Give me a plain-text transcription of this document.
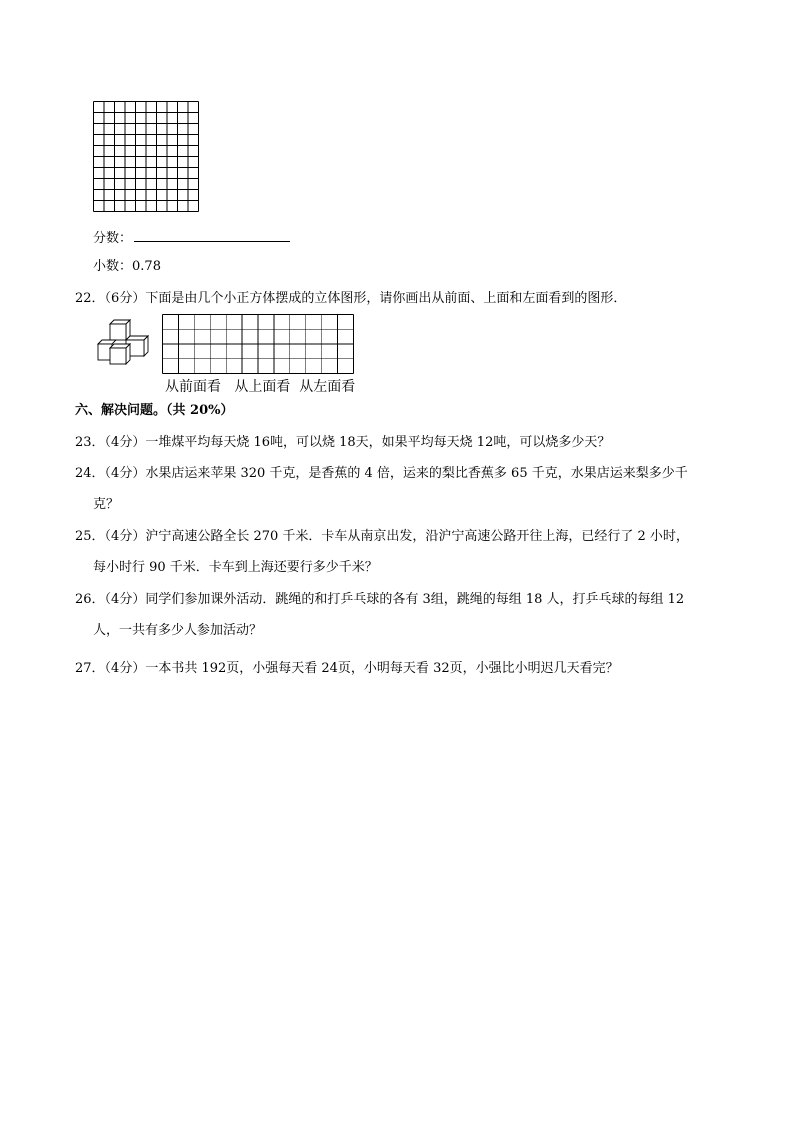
分数：
小数：0.78
22．（6分）下面是由几个小正方体摆成的立体图形，请你画出从前面、上面和左面看到的图形．
从前面看 从上面看 从左面看
六、解决问题。（共 20%）
23．（4分）一堆煤平均每天烧 16吨，可以烧 18天，如果平均每天烧 12吨，可以烧多少天？
24．（4分）水果店运来苹果 320 千克，是香蕉的 4 倍，运来的梨比香蕉多 65 千克，水果店运来梨多少千
克？
25．（4分）沪宁高速公路全长 270 千米．卡车从南京出发，沿沪宁高速公路开往上海，已经行了 2 小时，
每小时行 90 千米．卡车到上海还要行多少千米？
26．（4分）同学们参加课外活动．跳绳的和打乒乓球的各有 3组，跳绳的每组 18 人，打乒乓球的每组 12
人，一共有多少人参加活动？
27．（4分）一本书共 192页，小强每天看 24页，小明每天看 32页，小强比小明迟几天看完？
